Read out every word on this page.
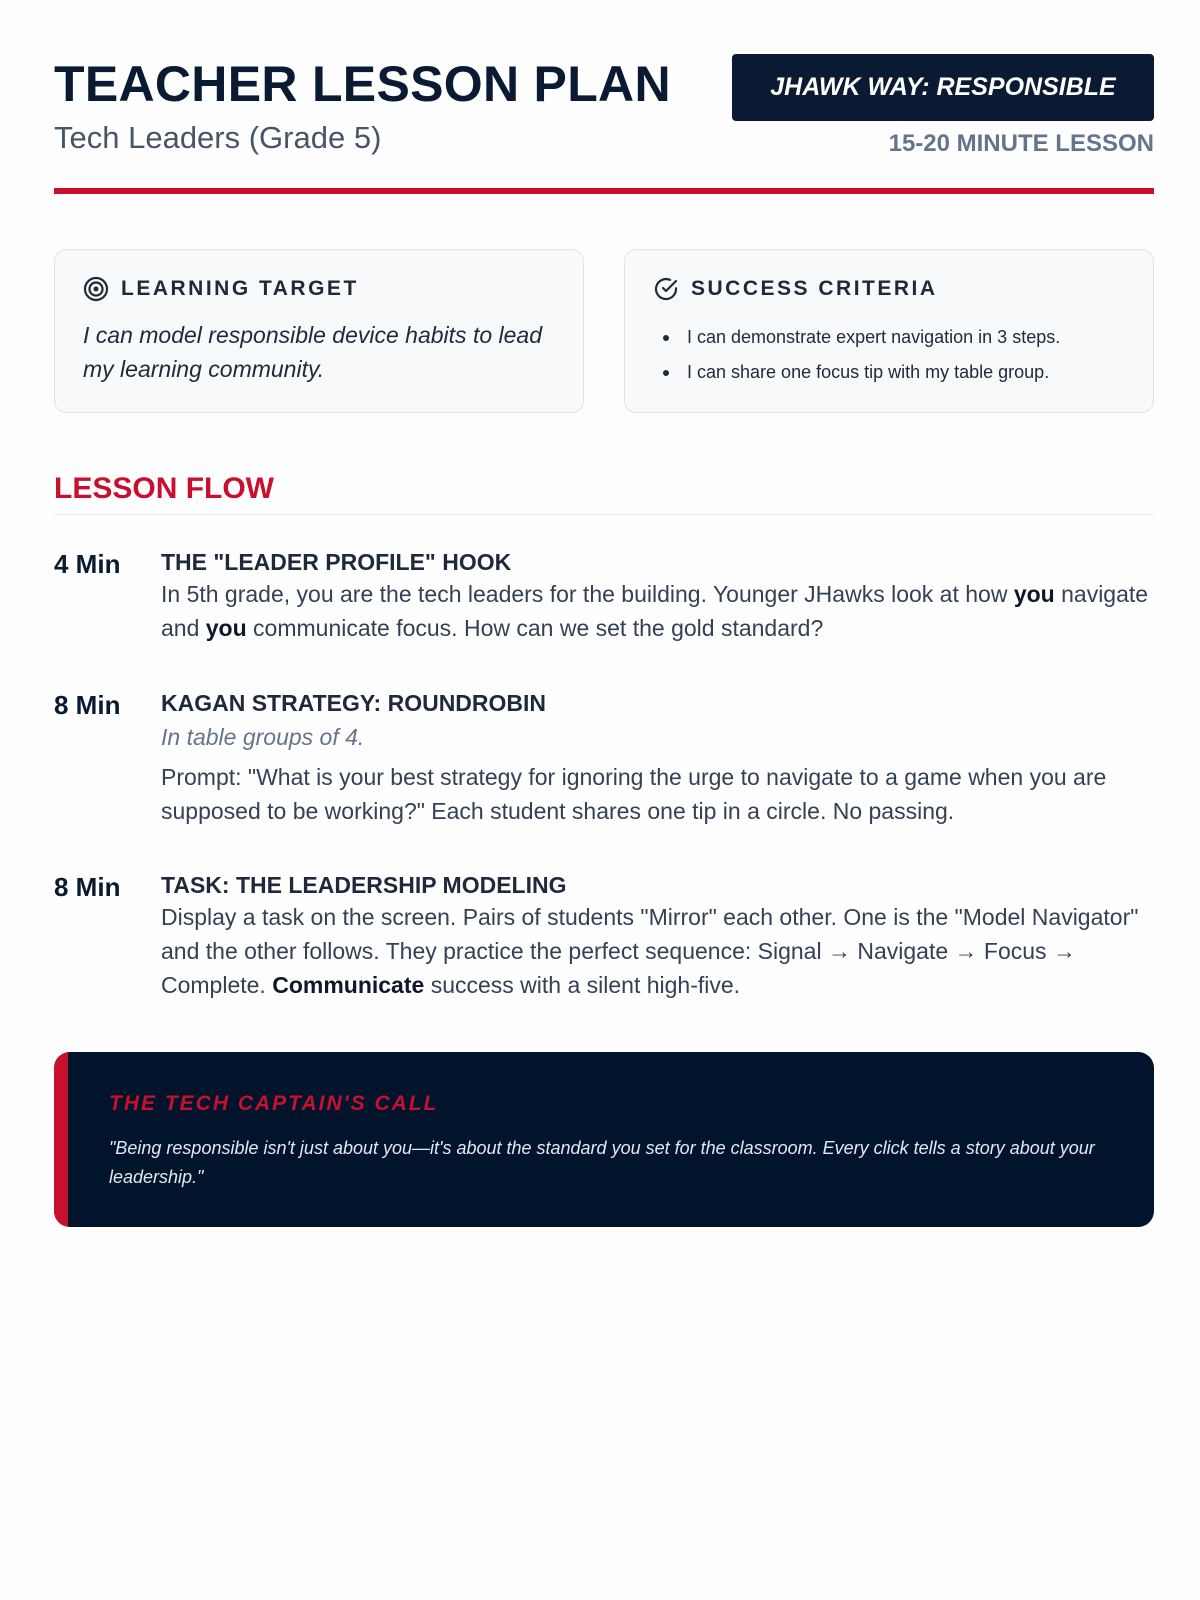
TEACHER LESSON PLAN
Tech Leaders (Grade 5)
JHAWK WAY: RESPONSIBLE
15-20 MINUTE LESSON
LEARNING TARGET
I can model responsible device habits to lead my learning community.
SUCCESS CRITERIA
I can demonstrate expert navigation in 3 steps.
I can share one focus tip with my table group.
LESSON FLOW
4 Min THE "LEADER PROFILE" HOOK

In 5th grade, you are the tech leaders for the building. Younger JHawks look at how you navigate and you communicate focus. How can we set the gold standard?

8 Min KAGAN STRATEGY: ROUNDROBIN
In table groups of 4.

Prompt: "What is your best strategy for ignoring the urge to navigate to a game when you are supposed to be working?" Each student shares one tip in a circle. No passing.

8 Min TASK: THE LEADERSHIP MODELING

Display a task on the screen. Pairs of students "Mirror" each other. One is the "Model Navigator" and the other follows. They practice the perfect sequence: Signal → Navigate → Focus → Complete. Communicate success with a silent high-five.

THE TECH CAPTAIN'S CALL
"Being responsible isn't just about you—it's about the standard you set for the classroom. Every click tells a story about your leadership."
